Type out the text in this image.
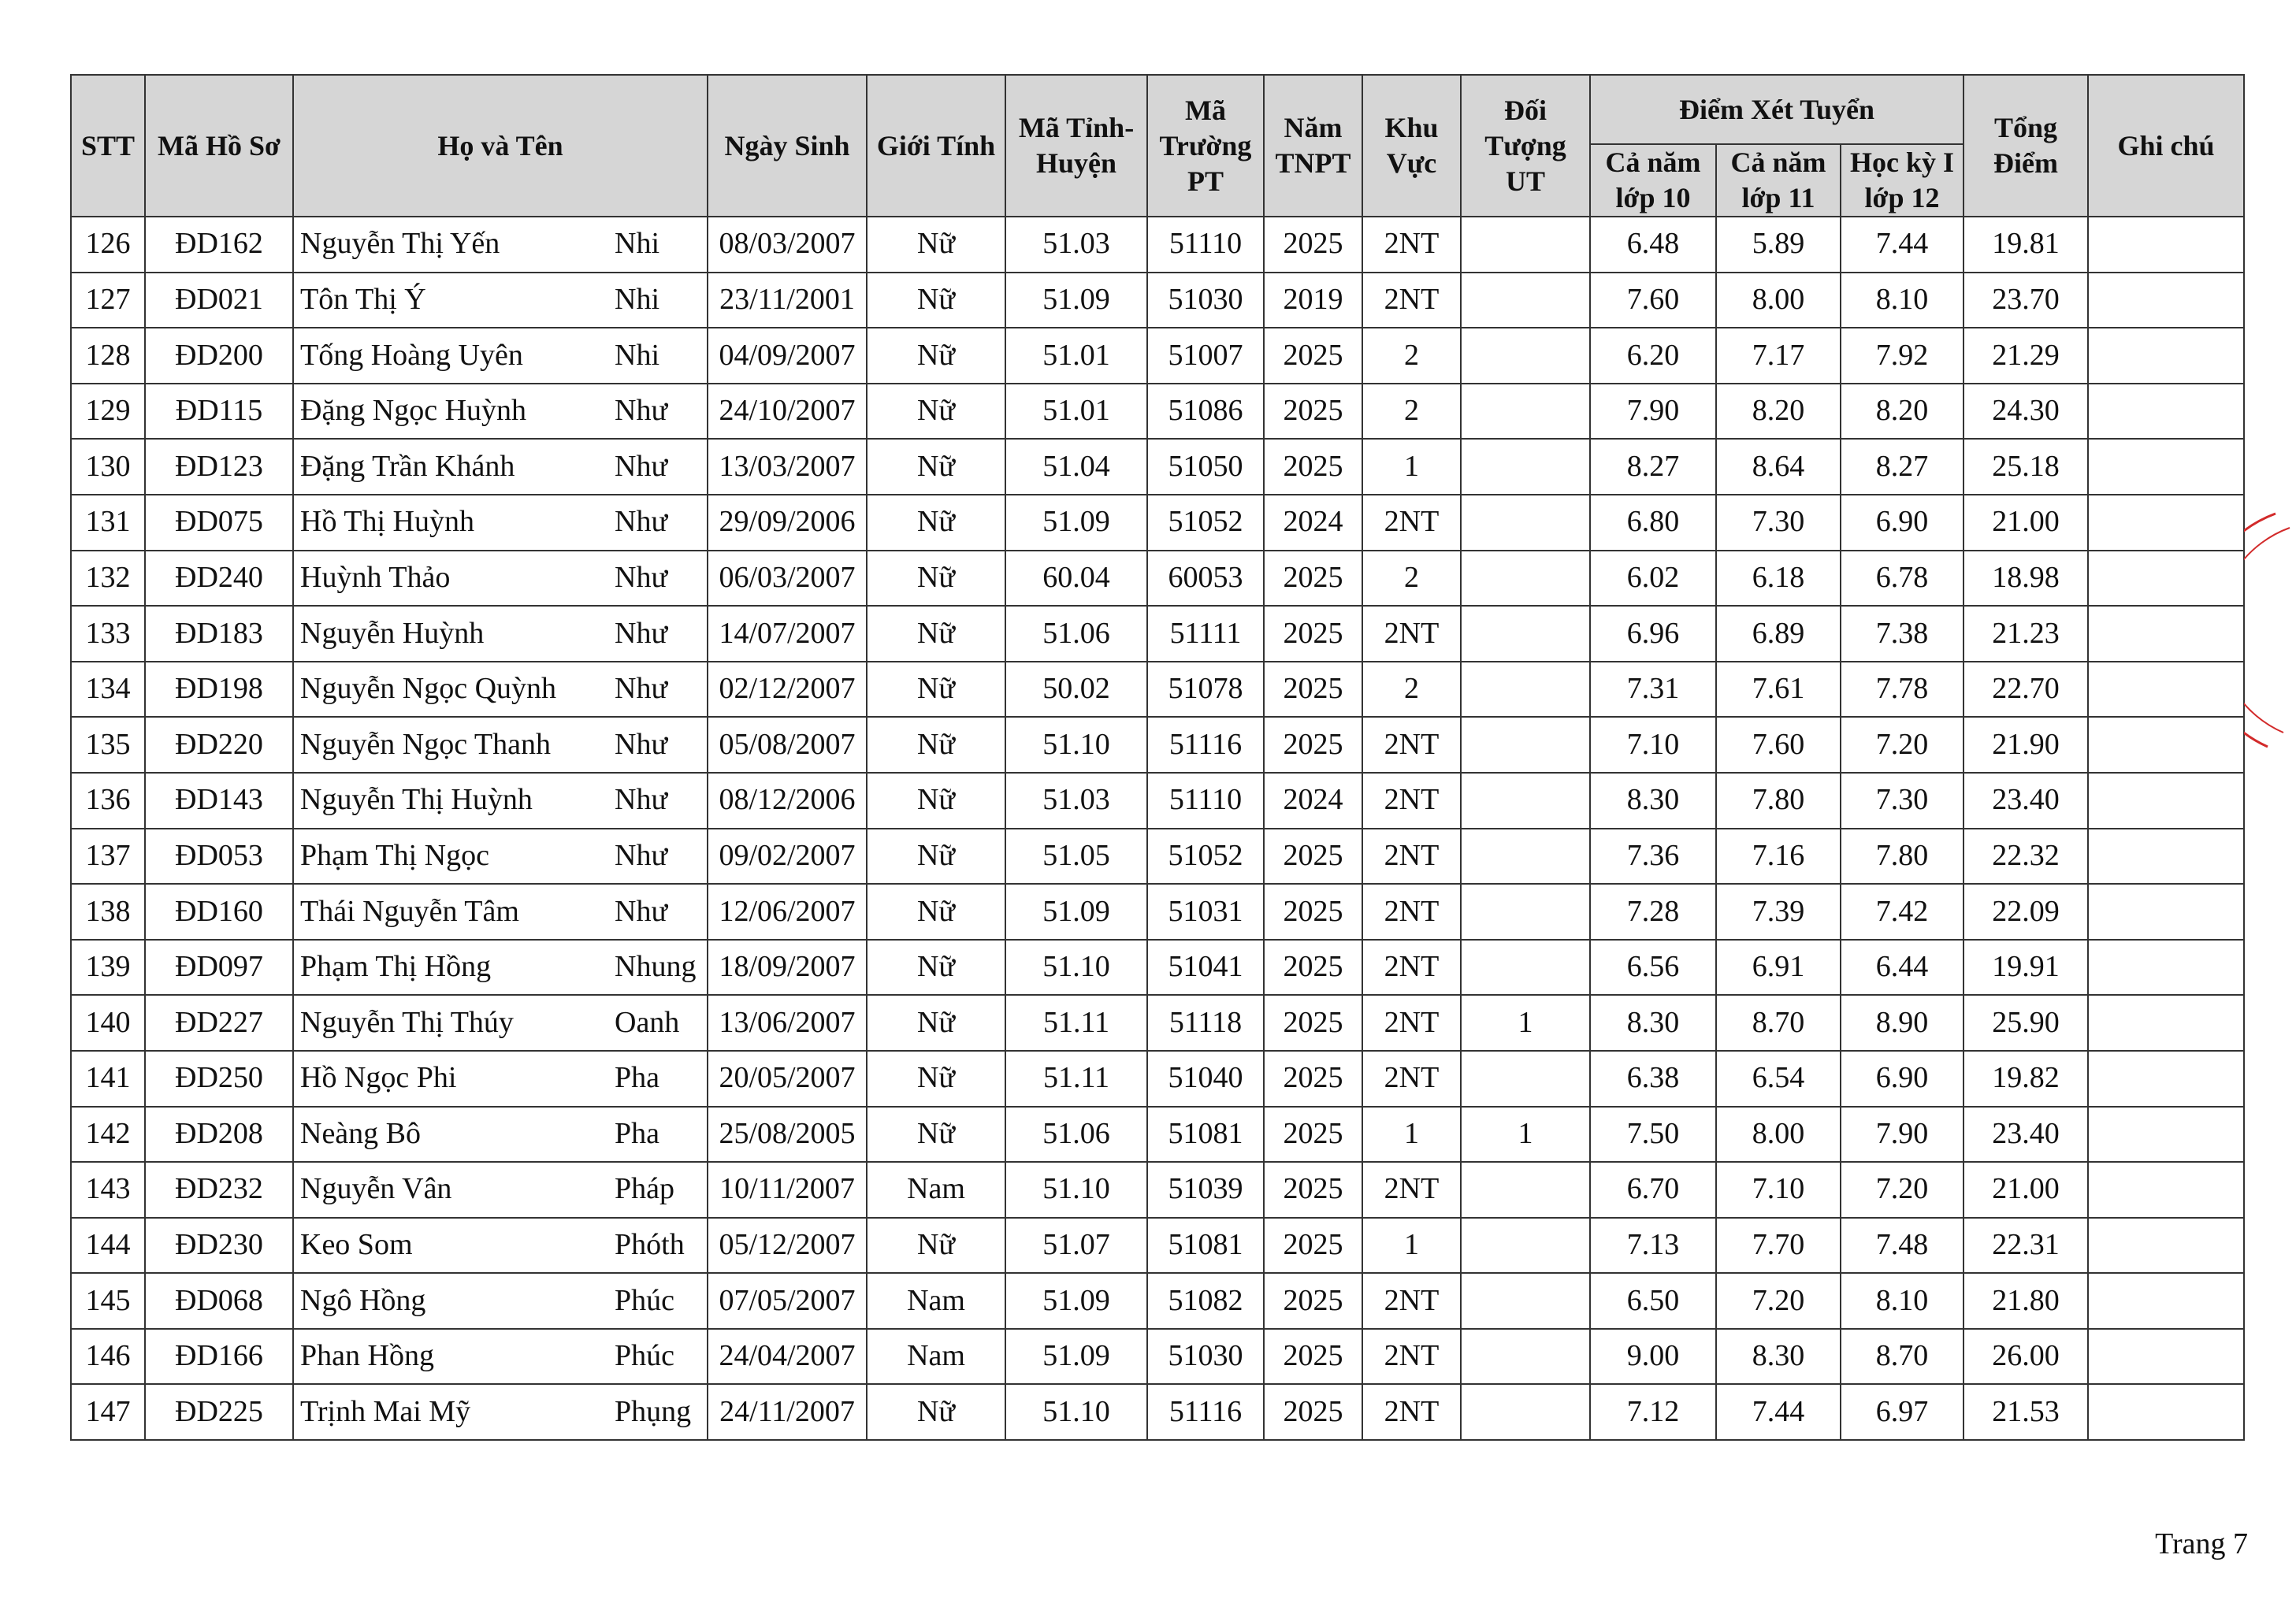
STT	Mã Hồ Sơ	Họ và Tên		Ngày Sinh	Giới Tính	Mã Tỉnh-Huyện	Mã Trường PT	Năm TNPT	Khu Vực	Đối Tượng UT	Điểm Xét Tuyển			Tổng Điểm	Ghi chú
											Cả năm lớp 10	Cả năm lớp 11	Học kỳ I lớp 12		
126	ĐD162	Nguyễn Thị Yến	Nhi	08/03/2007	Nữ	51.03	51110	2025	2NT		6.48	5.89	7.44	19.81	
127	ĐD021	Tôn Thị Ý	Nhi	23/11/2001	Nữ	51.09	51030	2019	2NT		7.60	8.00	8.10	23.70	
128	ĐD200	Tống Hoàng Uyên	Nhi	04/09/2007	Nữ	51.01	51007	2025	2		6.20	7.17	7.92	21.29	
129	ĐD115	Đặng Ngọc Huỳnh	Như	24/10/2007	Nữ	51.01	51086	2025	2		7.90	8.20	8.20	24.30	
130	ĐD123	Đặng Trần Khánh	Như	13/03/2007	Nữ	51.04	51050	2025	1		8.27	8.64	8.27	25.18	
131	ĐD075	Hồ Thị Huỳnh	Như	29/09/2006	Nữ	51.09	51052	2024	2NT		6.80	7.30	6.90	21.00	
132	ĐD240	Huỳnh Thảo	Như	06/03/2007	Nữ	60.04	60053	2025	2		6.02	6.18	6.78	18.98	
133	ĐD183	Nguyễn Huỳnh	Như	14/07/2007	Nữ	51.06	51111	2025	2NT		6.96	6.89	7.38	21.23	
134	ĐD198	Nguyễn Ngọc Quỳnh	Như	02/12/2007	Nữ	50.02	51078	2025	2		7.31	7.61	7.78	22.70	
135	ĐD220	Nguyễn Ngọc Thanh	Như	05/08/2007	Nữ	51.10	51116	2025	2NT		7.10	7.60	7.20	21.90	
136	ĐD143	Nguyễn Thị Huỳnh	Như	08/12/2006	Nữ	51.03	51110	2024	2NT		8.30	7.80	7.30	23.40	
137	ĐD053	Phạm Thị Ngọc	Như	09/02/2007	Nữ	51.05	51052	2025	2NT		7.36	7.16	7.80	22.32	
138	ĐD160	Thái Nguyễn Tâm	Như	12/06/2007	Nữ	51.09	51031	2025	2NT		7.28	7.39	7.42	22.09	
139	ĐD097	Phạm Thị Hồng	Nhung	18/09/2007	Nữ	51.10	51041	2025	2NT		6.56	6.91	6.44	19.91	
140	ĐD227	Nguyễn Thị Thúy	Oanh	13/06/2007	Nữ	51.11	51118	2025	2NT	1	8.30	8.70	8.90	25.90	
141	ĐD250	Hồ Ngọc Phi	Pha	20/05/2007	Nữ	51.11	51040	2025	2NT		6.38	6.54	6.90	19.82	
142	ĐD208	Neàng Bô	Pha	25/08/2005	Nữ	51.06	51081	2025	1	1	7.50	8.00	7.90	23.40	
143	ĐD232	Nguyễn Vân	Pháp	10/11/2007	Nam	51.10	51039	2025	2NT		6.70	7.10	7.20	21.00	
144	ĐD230	Keo Som	Phóth	05/12/2007	Nữ	51.07	51081	2025	1		7.13	7.70	7.48	22.31	
145	ĐD068	Ngô Hồng	Phúc	07/05/2007	Nam	51.09	51082	2025	2NT		6.50	7.20	8.10	21.80	
146	ĐD166	Phan Hồng	Phúc	24/04/2007	Nam	51.09	51030	2025	2NT		9.00	8.30	8.70	26.00	
147	ĐD225	Trịnh Mai Mỹ	Phụng	24/11/2007	Nữ	51.10	51116	2025	2NT		7.12	7.44	6.97	21.53	
Trang 7
